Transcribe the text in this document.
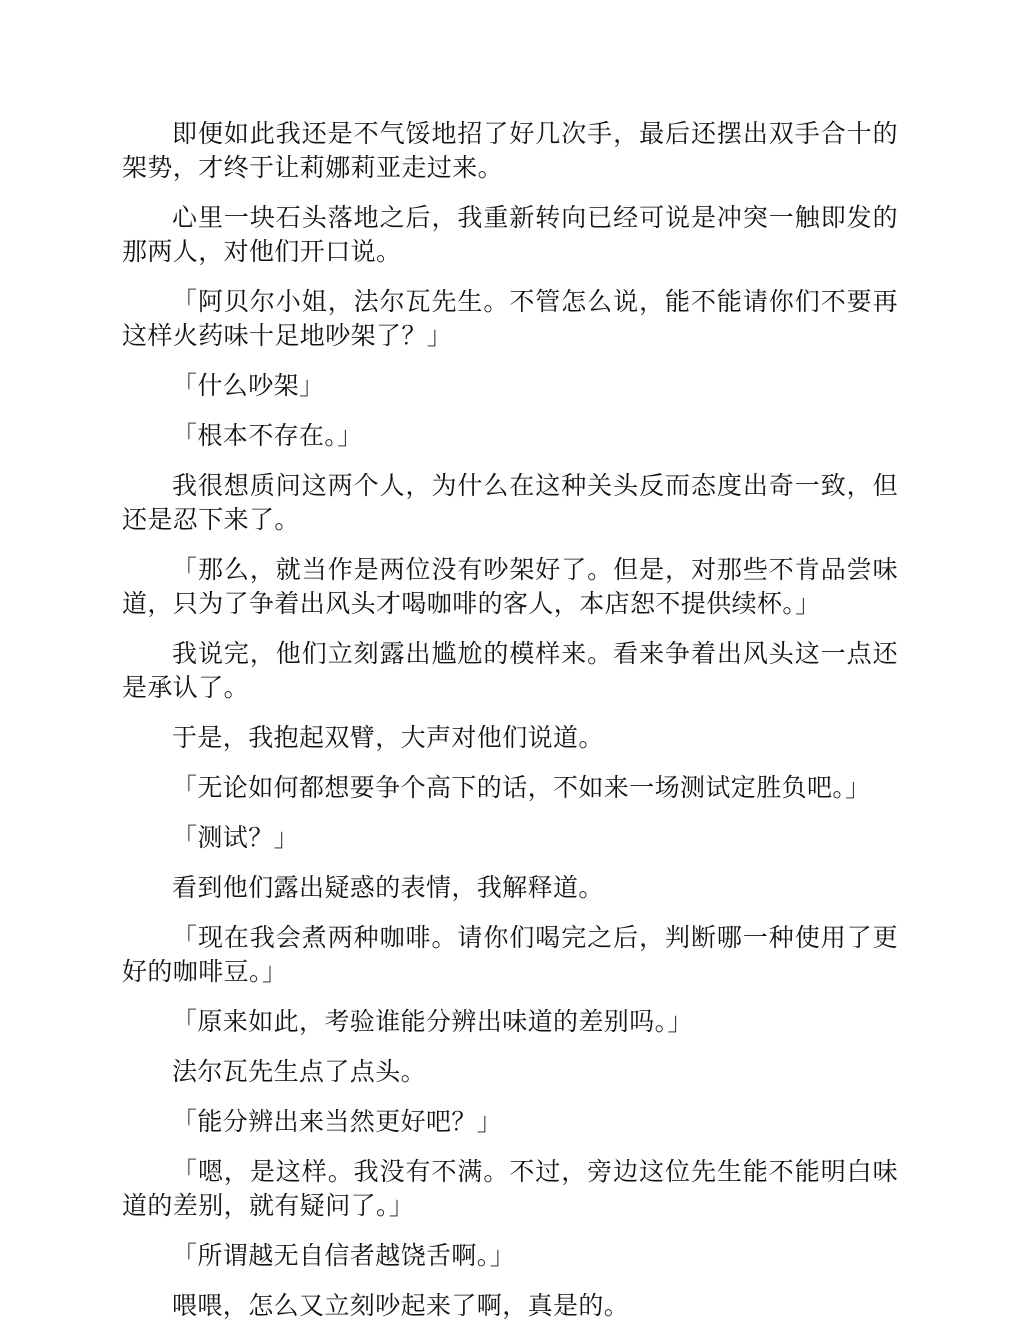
即便如此我还是不气馁地招了好几次手，最后还摆出双手合十的架势，才终于让莉娜莉亚走过来。

心里一块石头落地之后，我重新转向已经可说是冲突一触即发的那两人，对他们开口说。

「阿贝尔小姐，法尔瓦先生。不管怎么说，能不能请你们不要再这样火药味十足地吵架了？」

「什么吵架」

「根本不存在。」

我很想质问这两个人，为什么在这种关头反而态度出奇一致，但还是忍下来了。

「那么，就当作是两位没有吵架好了。但是，对那些不肯品尝味道，只为了争着出风头才喝咖啡的客人，本店恕不提供续杯。」

我说完，他们立刻露出尴尬的模样来。看来争着出风头这一点还是承认了。

于是，我抱起双臂，大声对他们说道。

「无论如何都想要争个高下的话，不如来一场测试定胜负吧。」

「测试？」

看到他们露出疑惑的表情，我解释道。

「现在我会煮两种咖啡。请你们喝完之后，判断哪一种使用了更好的咖啡豆。」

「原来如此，考验谁能分辨出味道的差别吗。」

法尔瓦先生点了点头。

「能分辨出来当然更好吧？」

「嗯，是这样。我没有不满。不过，旁边这位先生能不能明白味道的差别，就有疑问了。」

「所谓越无自信者越饶舌啊。」

喂喂，怎么又立刻吵起来了啊，真是的。
